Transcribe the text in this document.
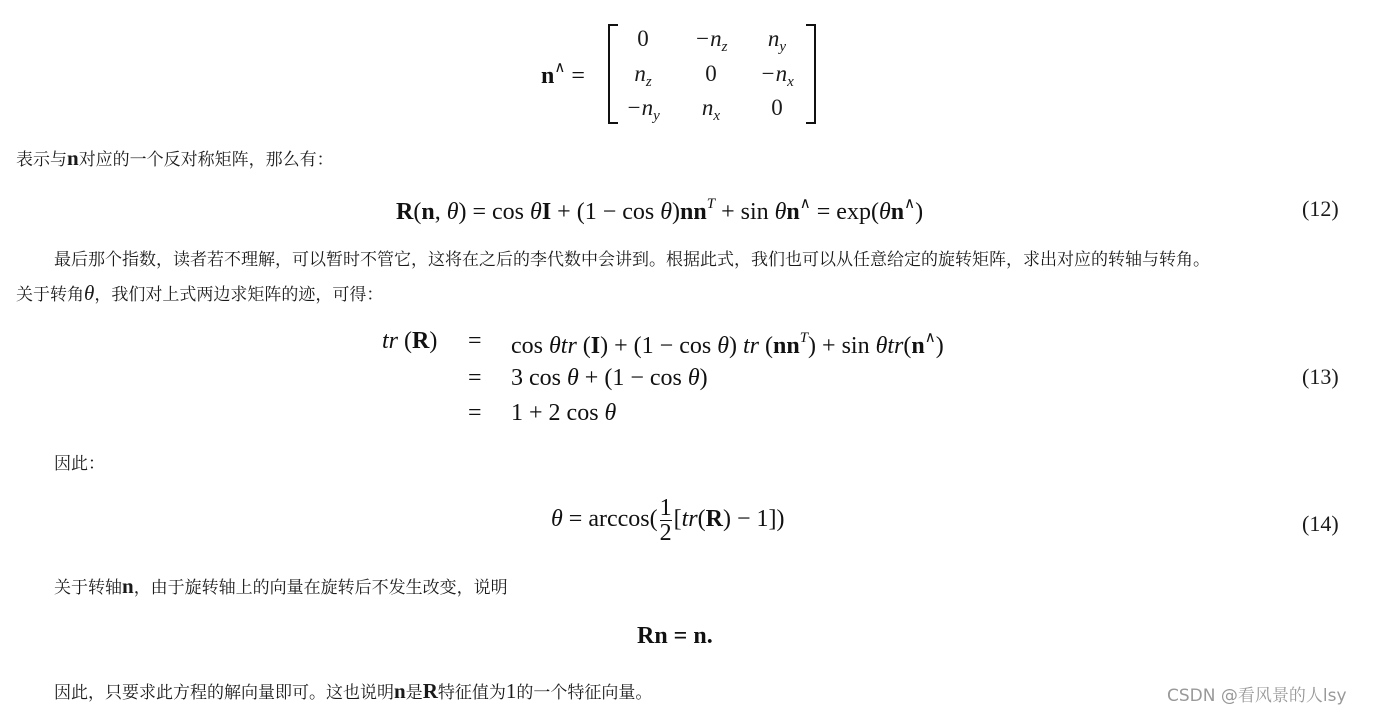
n∧ =
0	$-n_z$	$n_y$
$n_z$	0	$-n_x$
$-n_y$	$n_x$	0
表示与n对应的一个反对称矩阵，那么有：
R(n, $\theta) = \cos \theta I + (1 - \cos \theta)nn^T + \sin \theta n^\wedge = \exp(\theta n^\wedge)$	(12)
最后那个指数，读者若不理解，可以暂时不管它，这将在之后的李代数中会讲到。根据此式，我们也可以从任意给定的旋转矩阵，求出对应的转轴与转角。
关于转角θ，我们对上式两边求矩阵的迹，可得：
tr (R) = cos θtr (I) + (1 − cos θ) tr $(nn^T) + \sin \theta tr(n^\wedge)$
= 3 cos θ + (1 − cos θ)
= 1 + 2 cos θ
(13)
因此：
$\theta = \arccos( \frac{1}{2} [tr(R) - 1])$	(14)
关于转轴n，由于旋转轴上的向量在旋转后不发生改变，说明
Rn = n.
因此，只要求此方程的解向量即可。这也说明n是R特征值为1的一个特征向量。	CSDN @看风景的人lsy
